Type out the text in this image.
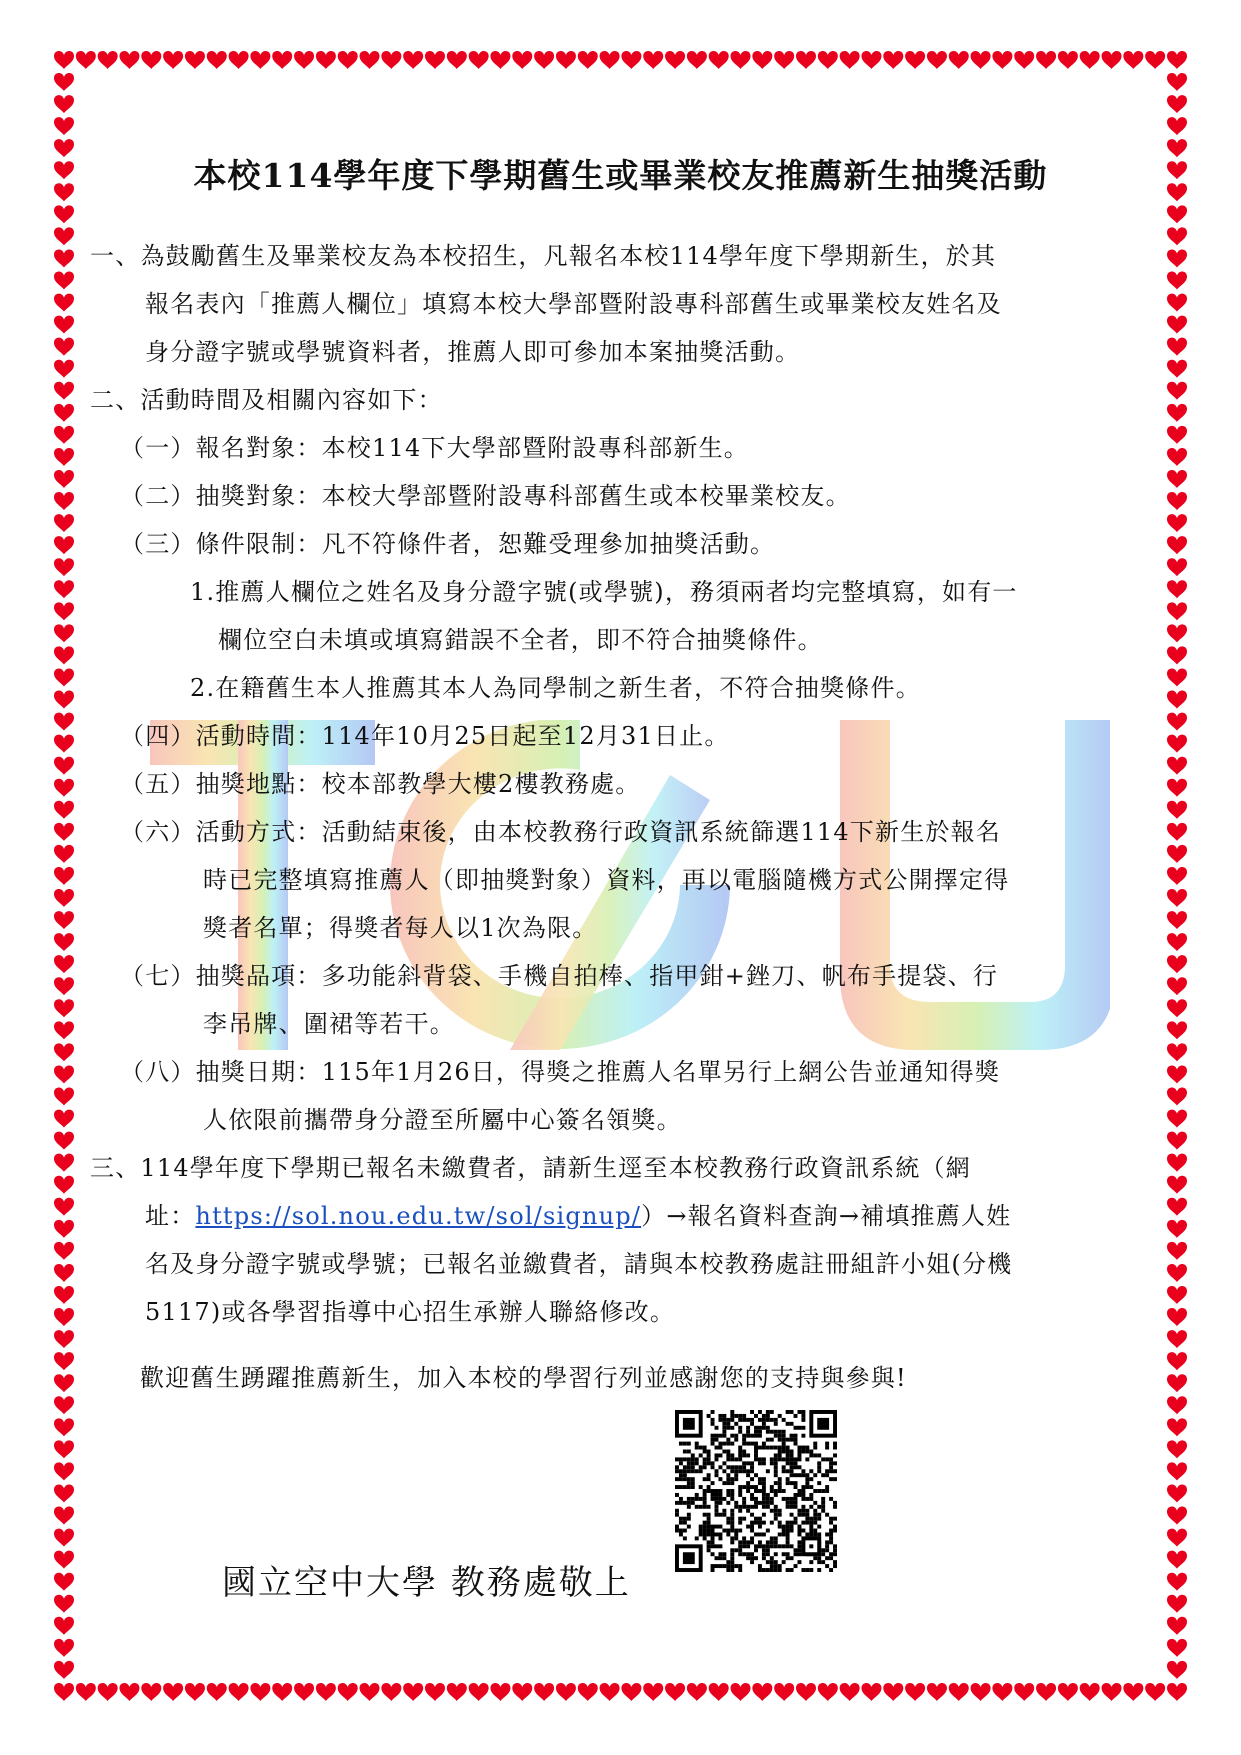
本校114學年度下學期舊生或畢業校友推薦新生抽獎活動
一、為鼓勵舊生及畢業校友為本校招生，凡報名本校114學年度下學期新生，於其
報名表內「推薦人欄位」填寫本校大學部暨附設專科部舊生或畢業校友姓名及
身分證字號或學號資料者，推薦人即可參加本案抽獎活動。
二、活動時間及相關內容如下：
（一）報名對象：本校114下大學部暨附設專科部新生。
（二）抽獎對象：本校大學部暨附設專科部舊生或本校畢業校友。
（三）條件限制：凡不符條件者，恕難受理參加抽獎活動。
1.推薦人欄位之姓名及身分證字號(或學號)，務須兩者均完整填寫，如有一
欄位空白未填或填寫錯誤不全者，即不符合抽獎條件。
2.在籍舊生本人推薦其本人為同學制之新生者，不符合抽獎條件。
（四）活動時間：114年10月25日起至12月31日止。
（五）抽獎地點：校本部教學大樓2樓教務處。
（六）活動方式：活動結束後，由本校教務行政資訊系統篩選114下新生於報名
時已完整填寫推薦人（即抽獎對象）資料，再以電腦隨機方式公開擇定得
獎者名單；得獎者每人以1次為限。
（七）抽獎品項：多功能斜背袋、手機自拍棒、指甲鉗+銼刀、帆布手提袋、行
李吊牌、圍裙等若干。
（八）抽獎日期：115年1月26日，得獎之推薦人名單另行上網公告並通知得獎
人依限前攜帶身分證至所屬中心簽名領獎。
三、114學年度下學期已報名未繳費者，請新生逕至本校教務行政資訊系統（網
址：https://sol.nou.edu.tw/sol/signup/）→報名資料查詢→補填推薦人姓
名及身分證字號或學號；已報名並繳費者，請與本校教務處註冊組許小姐(分機
5117)或各學習指導中心招生承辦人聯絡修改。
歡迎舊生踴躍推薦新生，加入本校的學習行列並感謝您的支持與參與!
國立空中大學 教務處敬上
